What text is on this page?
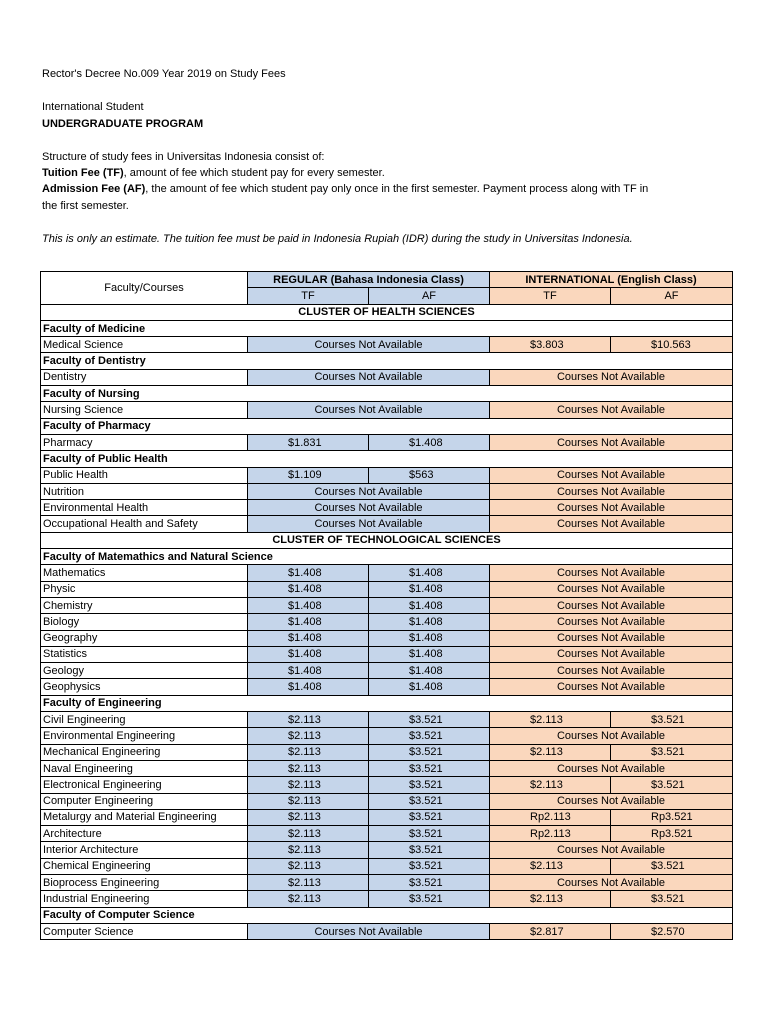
Rector's Decree No.009 Year 2019 on Study Fees
International Student
UNDERGRADUATE PROGRAM
Structure of study fees in Universitas Indonesia consist of:
Tuition Fee (TF), amount of fee which student pay for every semester.
Admission Fee (AF), the amount of fee which student pay only once in the first semester. Payment process along with TF in
the first semester.
This is only an estimate. The tuition fee must be paid in Indonesia Rupiah (IDR) during the study in Universitas Indonesia.
Faculty/Courses	REGULAR (Bahasa Indonesia Class)		INTERNATIONAL (English Class)	
	TF	AF	TF	AF
CLUSTER OF HEALTH SCIENCES				
Faculty of Medicine				
Medical Science	Courses Not Available		$3.803	$10.563
Faculty of Dentistry				
Dentistry	Courses Not Available		Courses Not Available	
Faculty of Nursing				
Nursing Science	Courses Not Available		Courses Not Available	
Faculty of Pharmacy				
Pharmacy	$1.831	$1.408	Courses Not Available	
Faculty of Public Health				
Public Health	$1.109	$563	Courses Not Available	
Nutrition	Courses Not Available		Courses Not Available	
Environmental Health	Courses Not Available		Courses Not Available	
Occupational Health and Safety	Courses Not Available		Courses Not Available	
CLUSTER OF TECHNOLOGICAL SCIENCES				
Faculty of Matemathics and Natural Science				
Mathematics	$1.408	$1.408	Courses Not Available	
Physic	$1.408	$1.408	Courses Not Available	
Chemistry	$1.408	$1.408	Courses Not Available	
Biology	$1.408	$1.408	Courses Not Available	
Geography	$1.408	$1.408	Courses Not Available	
Statistics	$1.408	$1.408	Courses Not Available	
Geology	$1.408	$1.408	Courses Not Available	
Geophysics	$1.408	$1.408	Courses Not Available	
Faculty of Engineering				
Civil Engineering	$2.113	$3.521	$2.113	$3.521
Environmental Engineering	$2.113	$3.521	Courses Not Available	
Mechanical Engineering	$2.113	$3.521	$2.113	$3.521
Naval Engineering	$2.113	$3.521	Courses Not Available	
Electronical Engineering	$2.113	$3.521	$2.113	$3.521
Computer Engineering	$2.113	$3.521	Courses Not Available	
Metalurgy and Material Engineering	$2.113	$3.521	Rp2.113	Rp3.521
Architecture	$2.113	$3.521	Rp2.113	Rp3.521
Interior Architecture	$2.113	$3.521	Courses Not Available	
Chemical Engineering	$2.113	$3.521	$2.113	$3.521
Bioprocess Engineering	$2.113	$3.521	Courses Not Available	
Industrial Engineering	$2.113	$3.521	$2.113	$3.521
Faculty of Computer Science				
Computer Science	Courses Not Available		$2.817	$2.570
